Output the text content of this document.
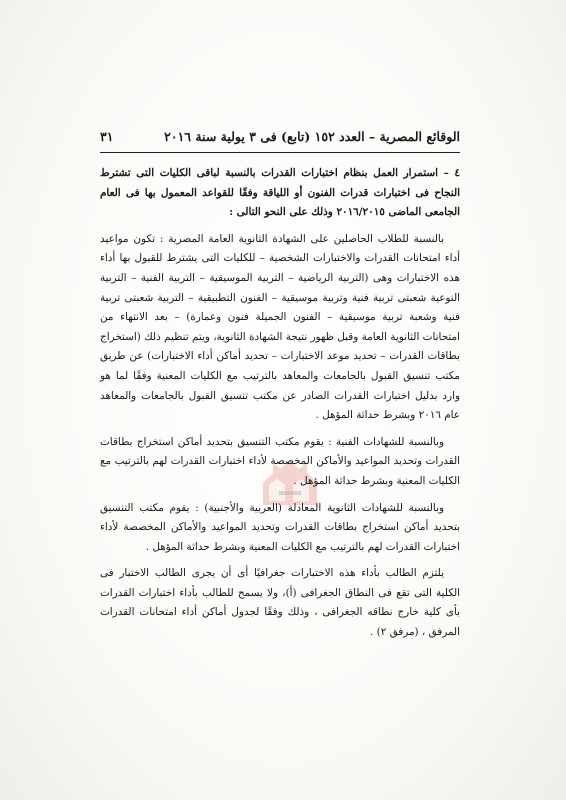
الوقائع المصرية – العدد ١٥٢ (تابع) فى ٣ يولية سنة ٢٠١٦
٣١

٤ – استمرار العمل بنظام اختبارات القدرات بالنسبة لباقى الكليات التى تشترط النجاح فى اختبارات قدرات الفنون أو اللياقة وفقًا للقواعد المعمول بها فى العام الجامعى الماضى ٢٠١٦/٢٠١٥ وذلك على النحو التالى :

بالنسبة للطلاب الحاصلين على الشهادة الثانوية العامة المصرية : تكون مواعيد أداء امتحانات القدرات والاختبارات الشخصية – للكليات التى يشترط للقبول بها أداء هذه الاختبارات وهى (التربية الرياضية – التربية الموسيقية – التربية الفنية – التربية النوعية شعبتى تربية فنية وتربية موسيقية – الفنون التطبيقية – التربية شعبتى تربية فنية وشعبة تربية موسيقية – الفنون الجميلة فنون وعمارة) – بعد الانتهاء من امتحانات الثانوية العامة وقبل ظهور نتيجة الشهادة الثانوية، ويتم تنظيم ذلك (استخراج بطاقات القدرات – تحديد موعد الاختبارات – تحديد أماكن أداء الاختبارات) عن طريق مكتب تنسيق القبول بالجامعات والمعاهد بالترتيب مع الكليات المعنية وفقًا لما هو وارد بدليل اختبارات القدرات الصادر عن مكتب تنسيق القبول بالجامعات والمعاهد عام ٢٠١٦ وبشرط حداثة المؤهل .

وبالنسبة للشهادات الفنية : يقوم مكتب التنسيق بتحديد أماكن استخراج بطاقات القدرات وتحديد المواعيد والأماكن المخصصة لأداء اختبارات القدرات لهم بالترتيب مع الكليات المعنية وبشرط حداثة المؤهل .

وبالنسبة للشهادات الثانوية المعادلة (العربية والأجنبية) : يقوم مكتب التنسيق بتحديد أماكن استخراج بطاقات القدرات وتحديد المواعيد والأماكن المخصصة لأداء اختبارات القدرات لهم بالترتيب مع الكليات المعنية وبشرط حداثة المؤهل .

يلتزم الطالب بأداء هذه الاختبارات جغرافيًا أى أن يجرى الطالب الاختبار فى الكلية التى تقع فى النطاق الجغرافى (أ)، ولا يسمح للطالب بأداء اختبارات القدرات بأى كلية خارج نطاقه الجغرافى ، وذلك وفقًا لجدول أماكن أداء امتحانات القدرات المرفق ، (مرفق ٢) .
